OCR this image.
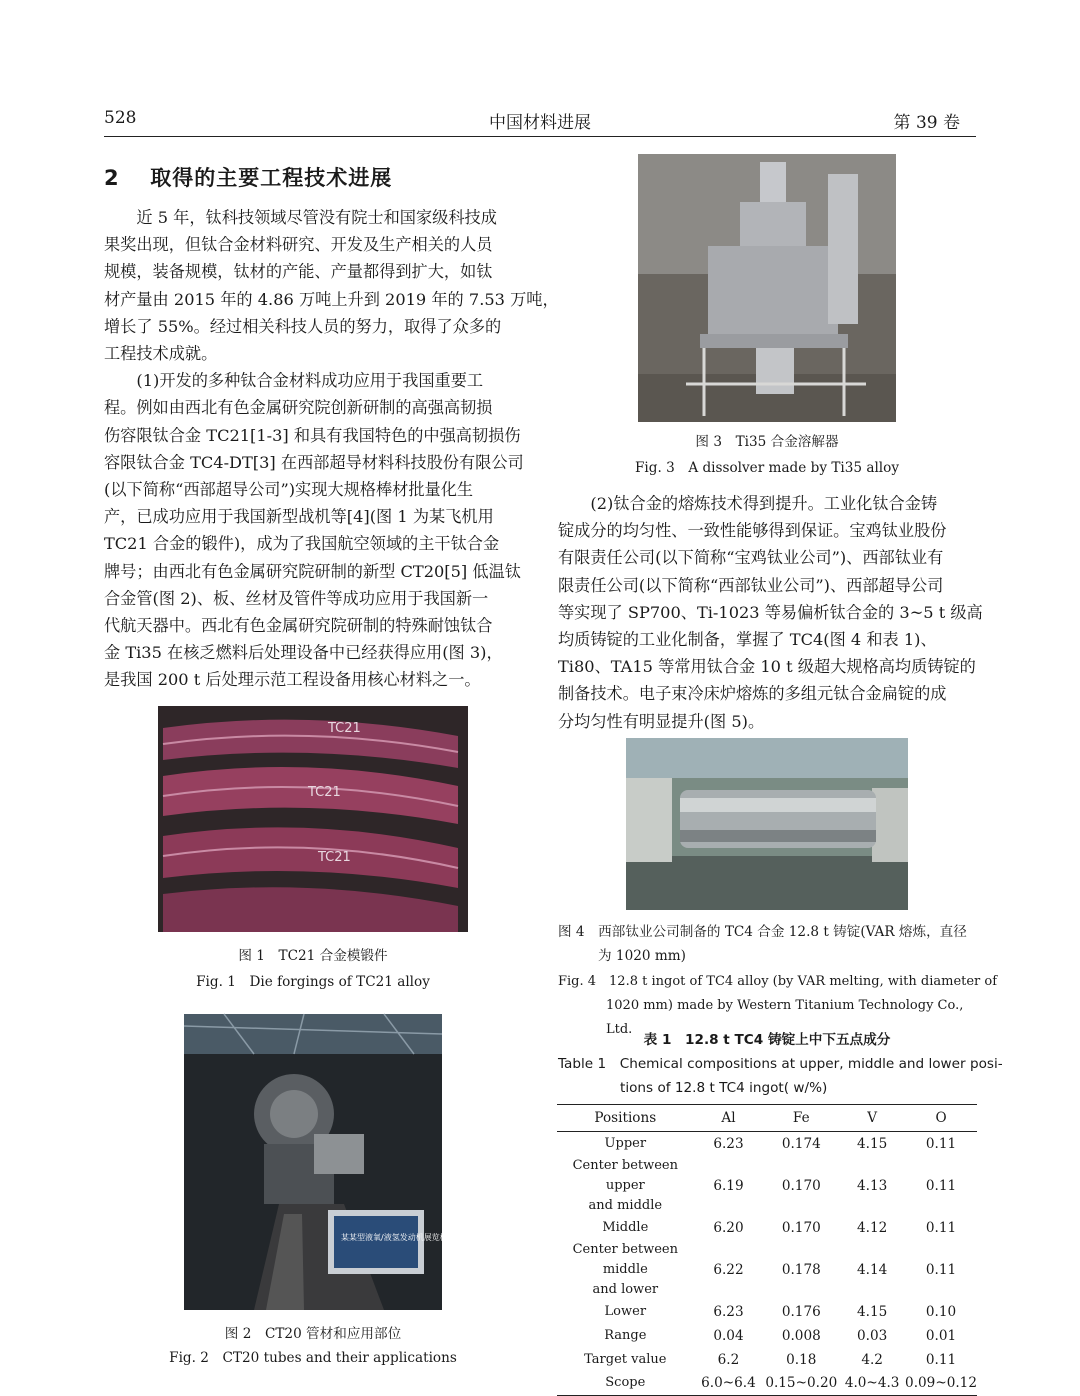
528	中国材料进展	第 39 卷
2 取得的主要工程技术进展

近 5 年，钛科技领域尽管没有院士和国家级科技成
果奖出现，但钛合金材料研究、开发及生产相关的人员
规模，装备规模，钛材的产能、产量都得到扩大，如钛
材产量由 2015 年的 4.86 万吨上升到 2019 年的 7.53 万吨，
增长了 55%。经过相关科技人员的努力，取得了众多的
工程技术成就。

(1)开发的多种钛合金材料成功应用于我国重要工
程。例如由西北有色金属研究院创新研制的高强高韧损
伤容限钛合金 TC21[1-3] 和具有我国特色的中强高韧损伤
容限钛合金 TC4-DT[3] 在西部超导材料科技股份有限公司
(以下简称“西部超导公司”)实现大规格棒材批量化生
产，已成功应用于我国新型战机等[4](图 1 为某飞机用
TC21 合金的锻件)，成为了我国航空领域的主干钛合金
牌号；由西北有色金属研究院研制的新型 CT20[5] 低温钛
合金管(图 2)、板、丝材及管件等成功应用于我国新一
代航天器中。西北有色金属研究院研制的特殊耐蚀钛合
金 Ti35 在核乏燃料后处理设备中已经获得应用(图 3)，
是我国 200 t 后处理示范工程设备用核心材料之一。

TC21
TC21
TC21
图 1　TC21 合金模锻件
Fig. 1　Die forgings of TC21 alloy
某某型液氧/液氢发动机展览样机
图 2　CT20 管材和应用部位
Fig. 2　CT20 tubes and their applications
图 3　Ti35 合金溶解器
Fig. 3　A dissolver made by Ti35 alloy

(2)钛合金的熔炼技术得到提升。工业化钛合金铸
锭成分的均匀性、一致性能够得到保证。宝鸡钛业股份
有限责任公司(以下简称“宝鸡钛业公司”)、西部钛业有
限责任公司(以下简称“西部钛业公司”)、西部超导公司
等实现了 SP700、Ti-1023 等易偏析钛合金的 3~5 t 级高
均质铸锭的工业化制备，掌握了 TC4(图 4 和表 1)、
Ti80、TA15 等常用钛合金 10 t 级超大规格高均质铸锭的
制备技术。电子束冷床炉熔炼的多组元钛合金扁锭的成
分均匀性有明显提升(图 5)。

图 4　西部钛业公司制备的 TC4 合金 12.8 t 铸锭(VAR 熔炼，直径
为 1020 mm)
Fig. 4　12.8 t ingot of TC4 alloy (by VAR melting, with diameter of
1020 mm) made by Western Titanium Technology Co., Ltd.
表 1　12.8 t TC4 铸锭上中下五点成分
Table 1　Chemical compositions at upper, middle and lower posi-
tions of 12.8 t TC4 ingot( w/%)
Positions	Al	Fe	V	O

Upper	6.23	0.174	4.15	0.11

Center between upper
and middle	6.19	0.170	4.13	0.11

Middle	6.20	0.170	4.12	0.11

Center between middle
and lower	6.22	0.178	4.14	0.11

Lower	6.23	0.176	4.15	0.10

Range	0.04	0.008	0.03	0.01

Target value	6.2	0.18	4.2	0.11

Scope	6.0~6.4	0.15~0.20	4.0~4.3	0.09~0.12
